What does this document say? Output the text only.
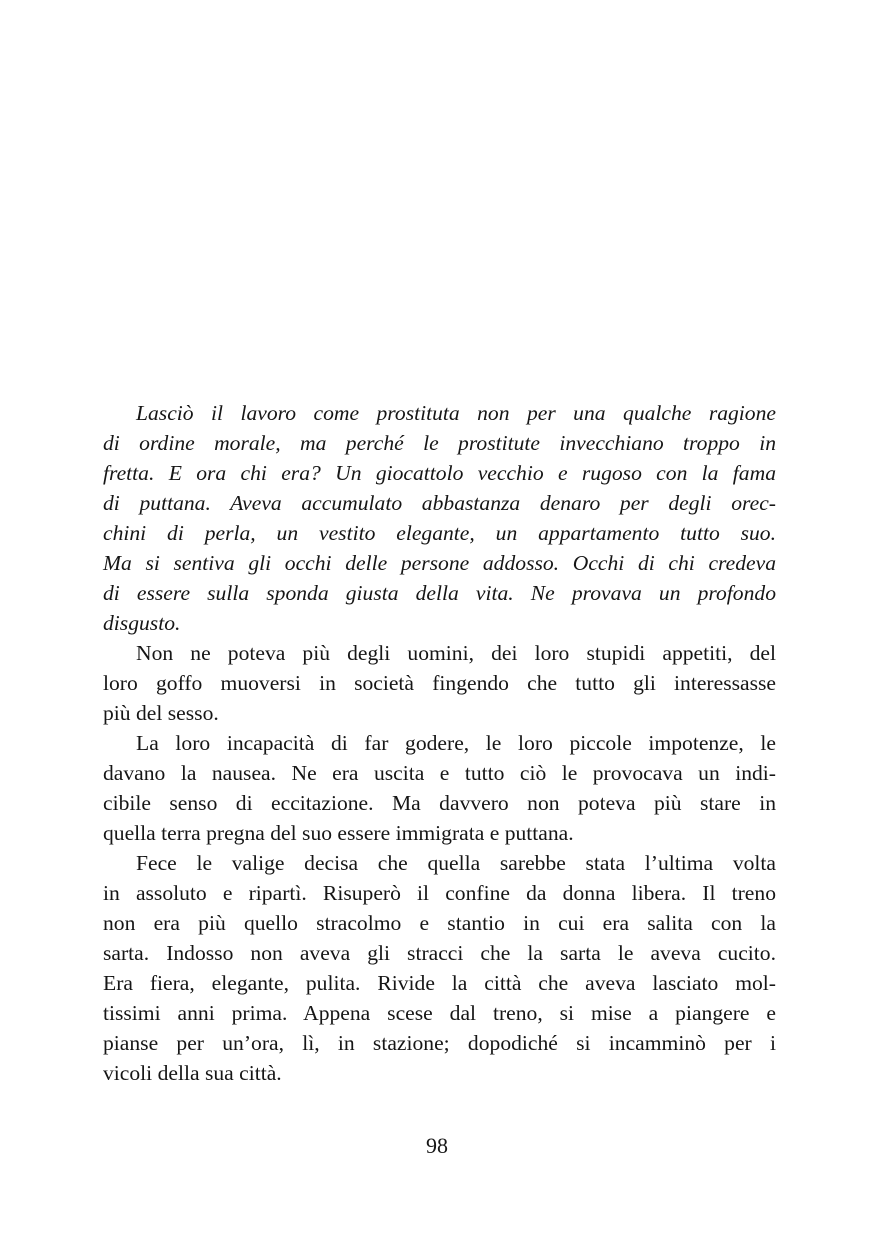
Lasciò il lavoro come prostituta non per una qualche ragione
di ordine morale, ma perché le prostitute invecchiano troppo in
fretta. E ora chi era? Un giocattolo vecchio e rugoso con la fama
di puttana. Aveva accumulato abbastanza denaro per degli orec-
chini di perla, un vestito elegante, un appartamento tutto suo.
Ma si sentiva gli occhi delle persone addosso. Occhi di chi credeva
di essere sulla sponda giusta della vita. Ne provava un profondo
disgusto.
Non ne poteva più degli uomini, dei loro stupidi appetiti, del
loro goffo muoversi in società fingendo che tutto gli interessasse
più del sesso.
La loro incapacità di far godere, le loro piccole impotenze, le
davano la nausea. Ne era uscita e tutto ciò le provocava un indi-
cibile senso di eccitazione. Ma davvero non poteva più stare in
quella terra pregna del suo essere immigrata e puttana.
Fece le valige decisa che quella sarebbe stata l’ultima volta
in assoluto e ripartì. Risuperò il confine da donna libera. Il treno
non era più quello stracolmo e stantio in cui era salita con la
sarta. Indosso non aveva gli stracci che la sarta le aveva cucito.
Era fiera, elegante, pulita. Rivide la città che aveva lasciato mol-
tissimi anni prima. Appena scese dal treno, si mise a piangere e
pianse per un’ora, lì, in stazione; dopodiché si incamminò per i
vicoli della sua città.
98
